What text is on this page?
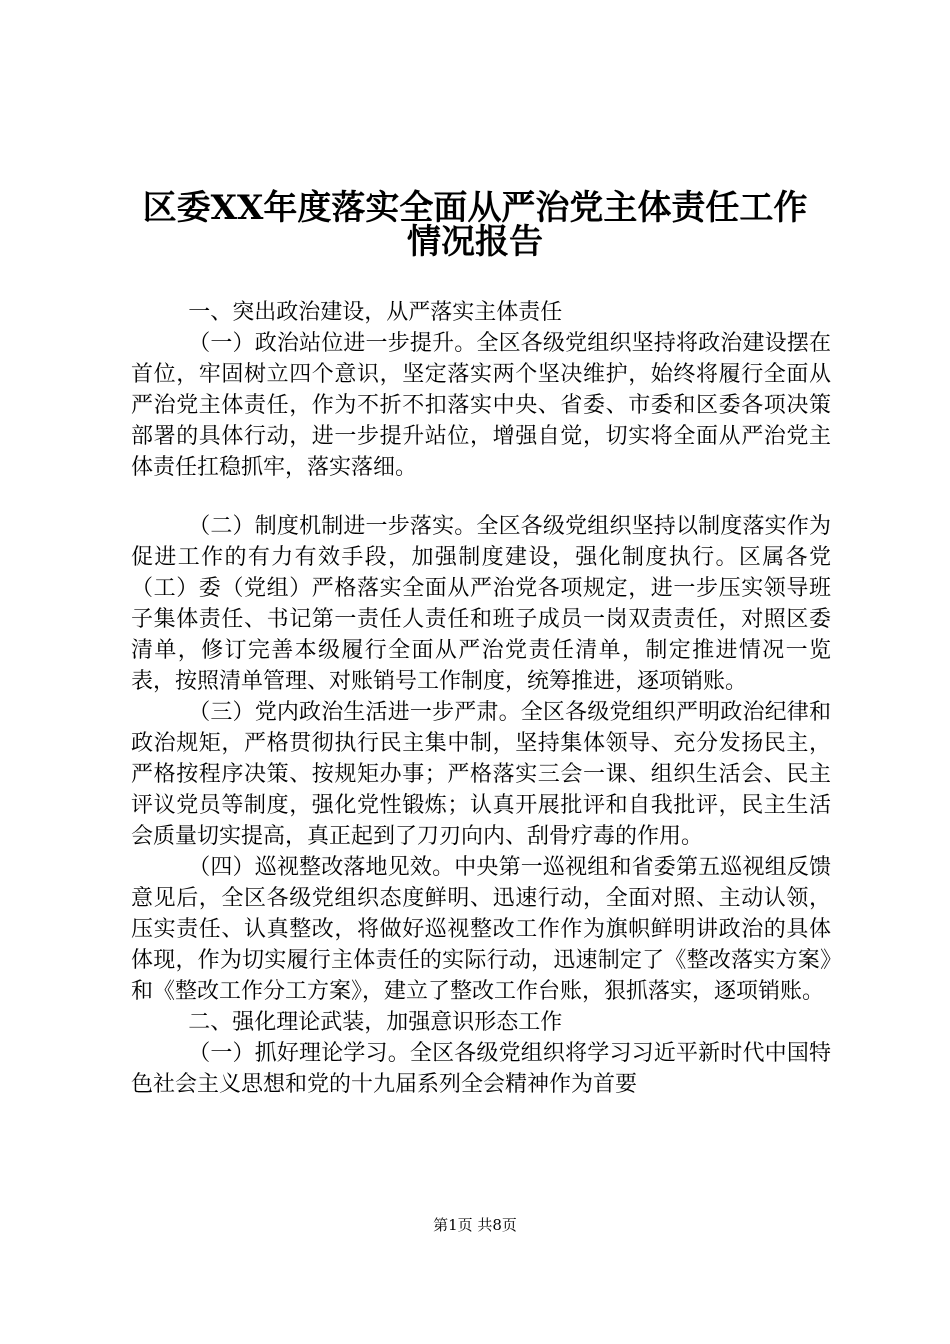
区委XX年度落实全面从严治党主体责任工作
情况报告

一、突出政治建设，从严落实主体责任

（一）政治站位进一步提升。全区各级党组织坚持将政治建设摆在首位，牢固树立四个意识，坚定落实两个坚决维护，始终将履行全面从严治党主体责任，作为不折不扣落实中央、省委、市委和区委各项决策部署的具体行动，进一步提升站位，增强自觉，切实将全面从严治党主体责任扛稳抓牢，落实落细。

（二）制度机制进一步落实。全区各级党组织坚持以制度落实作为促进工作的有力有效手段，加强制度建设，强化制度执行。区属各党（工）委（党组）严格落实全面从严治党各项规定，进一步压实领导班子集体责任、书记第一责任人责任和班子成员一岗双责责任，对照区委清单，修订完善本级履行全面从严治党责任清单，制定推进情况一览表，按照清单管理、对账销号工作制度，统筹推进，逐项销账。

（三）党内政治生活进一步严肃。全区各级党组织严明政治纪律和政治规矩，严格贯彻执行民主集中制，坚持集体领导、充分发扬民主，严格按程序决策、按规矩办事；严格落实三会一课、组织生活会、民主评议党员等制度，强化党性锻炼；认真开展批评和自我批评，民主生活会质量切实提高，真正起到了刀刃向内、刮骨疗毒的作用。

（四）巡视整改落地见效。中央第一巡视组和省委第五巡视组反馈意见后，全区各级党组织态度鲜明、迅速行动，全面对照、主动认领，压实责任、认真整改，将做好巡视整改工作作为旗帜鲜明讲政治的具体体现，作为切实履行主体责任的实际行动，迅速制定了《整改落实方案》和《整改工作分工方案》，建立了整改工作台账，狠抓落实，逐项销账。

二、强化理论武装，加强意识形态工作

（一）抓好理论学习。全区各级党组织将学习习近平新时代中国特色社会主义思想和党的十九届系列全会精神作为首要

第1页 共8页
